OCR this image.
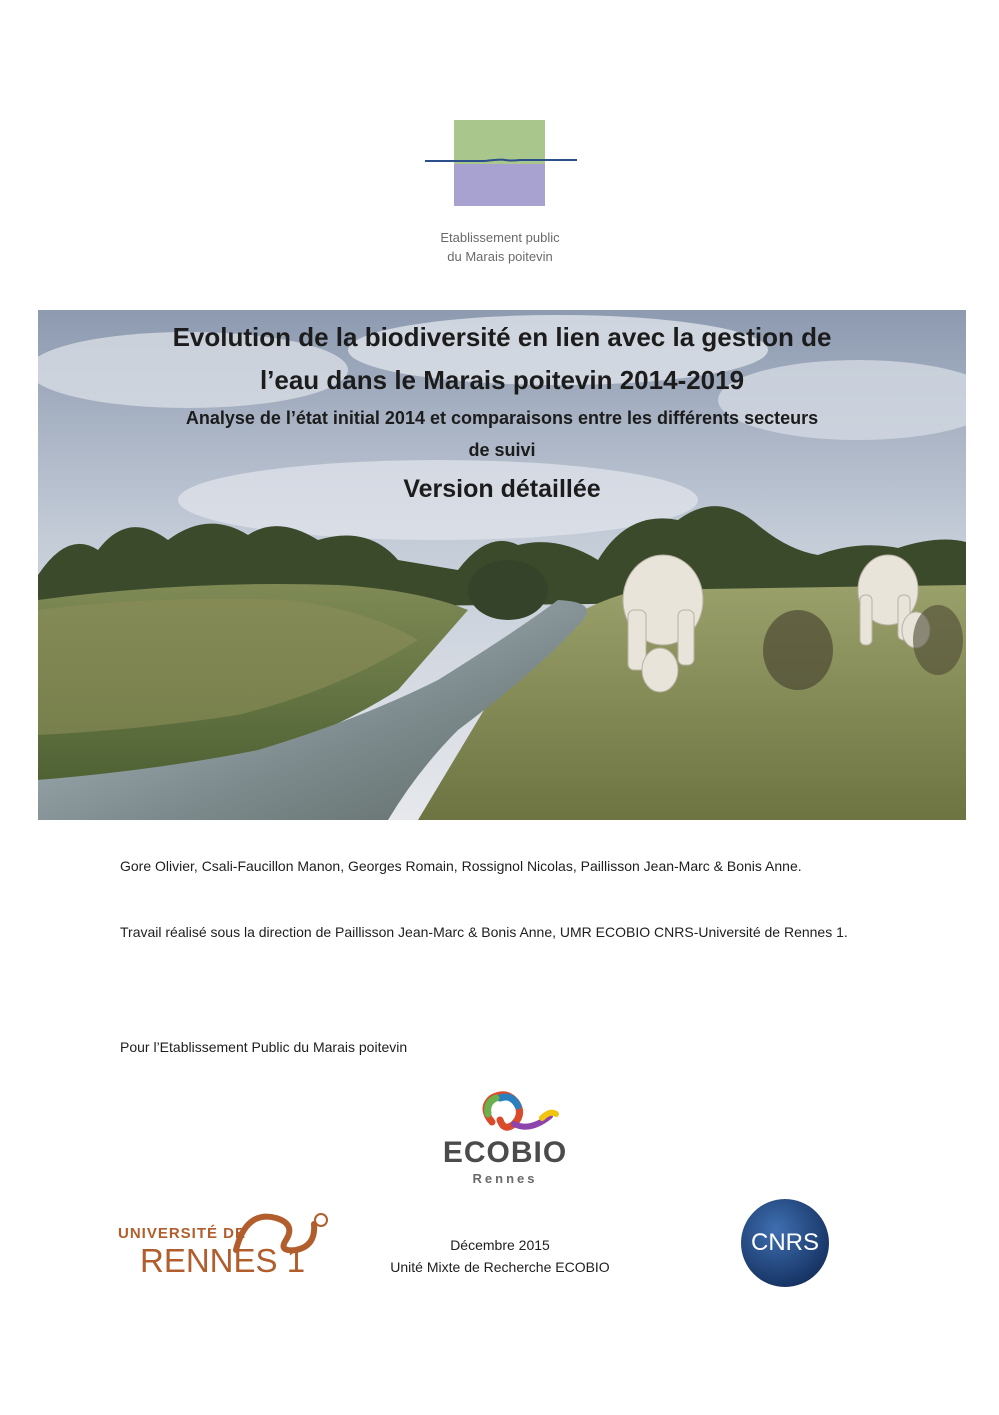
Etablissement public
du Marais poitevin
Evolution de la biodiversité en lien avec la gestion de
l’eau dans le Marais poitevin 2014-2019
Analyse de l’état initial 2014 et comparaisons entre les différents secteurs
de suivi
Version détaillée
Gore Olivier, Csali-Faucillon Manon, Georges Romain, Rossignol Nicolas, Paillisson Jean-Marc & Bonis Anne.
Travail réalisé sous la direction de Paillisson Jean-Marc & Bonis Anne, UMR ECOBIO CNRS-Université de Rennes 1.
Pour l’Etablissement Public du Marais poitevin
ECOBIO
Rennes
UNIVERSITÉ DE
RENNES 1	Décembre 2015
Unité Mixte de Recherche ECOBIO
CNRS
